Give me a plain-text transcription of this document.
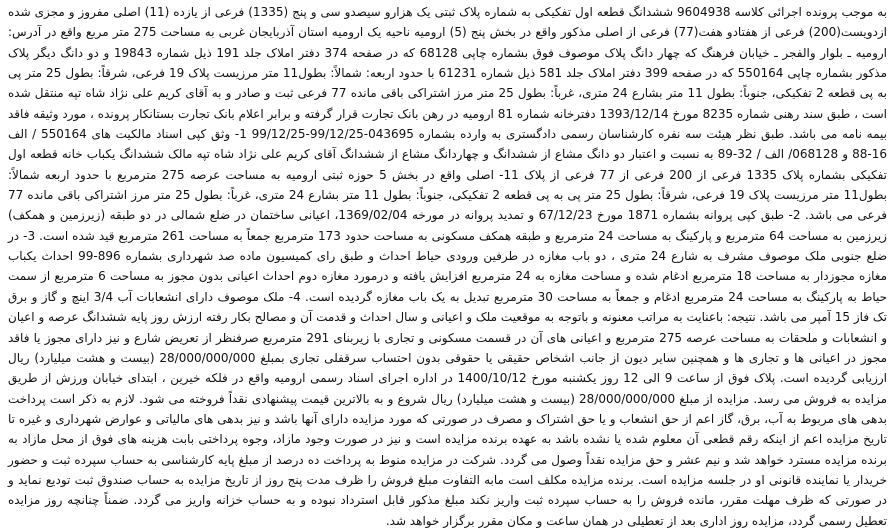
به موجب پرونده اجرائی کلاسه 9604938 ششدانگ قطعه اول تفکیکی به شماره پلاک ثبتی یک هزارو سیصدو سی و پنج (1335) فرعی از یازده (11) اصلی مفروز و مجزی شده ازدویست(200) فرعی از هفتادو هفت(77) فرعی از اصلی مذکور واقع در بخش پنج (5) ارومیه ناحیه یک ارومیه استان آذربایجان غربی به مساحت 275 متر مربع واقع در آدرس: ارومیه ـ بلوار والفجر ـ خیابان فرهنگ که چهار دانگ پلاک موصوف فوق بشماره چاپی 68128 که در صفحه 374 دفتر املاک جلد 191 ذیل شماره 19843 و دو دانگ دیگر پلاک مذکور بشماره چاپی 550164 که در صفحه 399 دفتر املاک جلد 581 ذیل شماره 61231 با حدود اربعه: شمالاً: بطول11 متر مرزیست پلاک 19 فرعی، شرقاً: بطول 25 متر پی به پی قطعه 2 تفکیکی، جنوباً: بطول 11 متر بشارع 24 متری، غرباً: بطول 25 متر مرز اشتراکی باقی مانده 77 فرعی ثبت و صادر و به آقای کریم علی نژاد شاه تپه منتقل شده است ، طبق سند رهنی شماره 8235 مورخ 1393/12/14 دفترخانه شماره 81 ارومیه در رهن بانک تجارت قرار گرفته و برابر اعلام بانک تجارت بستانکار پرونده ، مورد وثیقه فاقد بیمه نامه می باشد. طبق نظر هیئت سه نفره کارشناسان رسمی دادگستری به وارده بشماره 043695-99/12/25-99/12/25 1- وثق کپی اسناد مالکیت های 550164 / الف 16-88 و 068128/ الف / 32-89 به نسبت و اعتبار دو دانگ مشاع از ششدانگ و چهاردانگ مشاع از ششدانگ آقای کریم علی نژاد شاه تپه مالک ششدانگ یکباب خانه قطعه اول تفکیکی بشماره پلاک 1335 فرعی از 200 فرعی از 77 فرعی از پلاک 11- اصلی واقع در بخش 5 حوزه ثبتی ارومیه به مساحت عرصه 275 مترمربع با حدود اربعه شمالاً: بطول11 متر مرزیست پلاک 19 فرعی، شرقاً: بطول 25 متر پی به پی قطعه 2 تفکیکی، جنوباً: بطول 11 متر بشارع 24 متری، غرباً: بطول 25 متر مرز اشتراکی باقی مانده 77 فرعی می باشد. 2- طبق کپی پروانه بشماره 1871 مورخ 67/12/23 و تمدید پروانه در مورخه 1369/02/04، اعیانی ساختمان در ضلع شمالی در دو طبقه (زیرزمین و همکف) زیرزمین به مساحت 64 مترمربع و پارکینگ به مساحت 24 مترمربع و طبقه همکف مسکونی به مساحت حدود 173 مترمربع جمعاً به مساحت 261 مترمربع قید شده است. 3- در ضلع جنوبی ملک موصوف مشرف به شارع 24 متری ، دو باب مغازه در طرفین ورودی حیاط احداث و طبق رای کمیسیون ماده صد شهرداری بشماره 896-99 احداث یکباب مغازه مجوزدار به مساحت 18 مترمربع ادغام شده و مساحت مغازه به 24 مترمربع افزایش یافته و درمورد مغازه دوم احداث اعیانی بدون مجوز به مساحت 6 مترمربع از سمت حیاط به پارکینگ به مساحت 24 مترمربع ادغام و جمعاً به مساحت 30 مترمربع تبدیل به یک باب مغازه گردیده است. 4- ملک موصوف دارای انشعابات آب 3/4 اینچ و گاز و برق تک فاز 15 آمپر می باشد. نتیجه: باعنایت به مراتب معنونه و باتوجه به موقعیت ملک و اعیانی و سال احداث و قدمت آن و مصالح بکار رفته ارزش روز پایه ششدانگ عرصه و اعیان و انشعابات و ملحقات به مساحت عرصه 275 مترمربع و اعیانی های آن در قسمت مسکونی و تجاری با زیربنای 291 مترمربع صرفنظر از تعریض شارع و نیز دارای مجوز یا فاقد مجوز در اعیانی ها و تجاری ها و همچنین سایر دیون از جانب اشخاص حقیقی یا حقوقی بدون احتساب سرقفلی تجاری بمبلغ 28/000/000/000 (بیست و هشت میلیارد) ریال ارزیابی گردیده است. پلاک فوق از ساعت 9 الی 12 روز یکشنبه مورخ 1400/10/12 در اداره اجرای اسناد رسمی ارومیه واقع در فلکه خیرین ، ابتدای خیابان ورزش از طریق مزایده به فروش می رسد. مزایده از مبلغ 28/000/000/000 (بیست و هشت میلیارد) ریال شروع و به بالاترین قیمت پیشنهادی نقداً فروخته می شود. لازم به ذکر است پرداخت بدهی های مربوط به آب، برق، گاز اعم از حق انشعاب و یا حق اشتراک و مصرف در صورتی که مورد مزایده دارای آنها باشد و نیز بدهی های مالیاتی و عوارض شهرداری و غیره تا تاریخ مزایده اعم از اینکه رقم قطعی آن معلوم شده یا نشده باشد به عهده برنده مزایده است و نیز در صورت وجود مازاد، وجوه پرداختی بابت هزینه های فوق از محل مازاد به برنده مزایده مسترد خواهد شد و نیم عشر و حق مزایده نقداً وصول می گردد. شرکت در مزایده منوط به پرداخت ده درصد از مبلغ پایه کارشناسی به حساب سپرده ثبت و حضور خریدار یا نماینده قانونی او در جلسه مزایده است. برنده مزایده مکلف است مابه التفاوت مبلغ فروش را ظرف مدت پنج روز از تاریخ مزایده به حساب صندوق ثبت تودیع نماید و در صورتی که ظرف مهلت مقرر، مانده فروش را به حساب سپرده ثبت واریز نکند مبلغ مذکور قابل استرداد نبوده و به حساب خزانه واریز می گردد. ضمناً چنانچه روز مزایده تعطیل رسمی گردد، مزایده روز اداری بعد از تعطیلی در همان ساعت و مکان مقرر برگزار خواهد شد.
